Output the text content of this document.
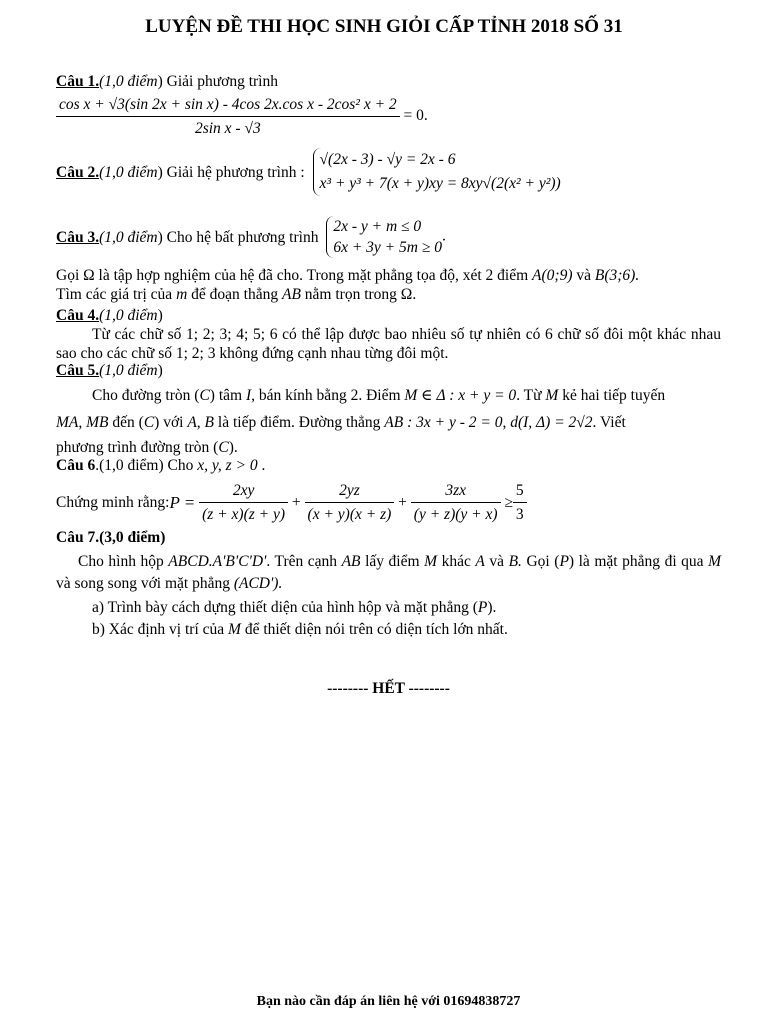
LUYỆN ĐỀ THI HỌC SINH GIỎI CẤP TỈNH 2018 SỐ 31
Câu 1.(1,0 điểm) Giải phương trình
$\frac{\text{cos x + √3(sin 2x + sin x) - 4cos 2x.cos x - 2cos² x + 2}}{\text{2sin x - √3}} = 0$.
Câu 2.(1,0 điểm) Giải hệ phương trình :
√(2x - 3) - √y = 2x - 6
x³ + y³ + 7(x + y)xy = 8xy√(2(x² + y²))
Câu 3.(1,0 điểm) Cho hệ bất phương trình
2x - y + m ≤ 0
6x + 3y + 5m ≥ 0
.
Gọi Ω là tập hợp nghiệm của hệ đã cho. Trong mặt phẳng tọa độ, xét 2 điểm A(0;9) và B(3;6).
Tìm các giá trị của m để đoạn thẳng AB nằm trọn trong Ω.
Câu 4.(1,0 điểm)
Từ các chữ số 1; 2; 3; 4; 5; 6 có thể lập được bao nhiêu số tự nhiên có 6 chữ số đôi một khác nhau sao cho các chữ số 1; 2; 3 không đứng cạnh nhau từng đôi một.
Câu 5.(1,0 điểm)
Cho đường tròn (C) tâm I, bán kính bằng 2. Điểm M ∈ Δ : x + y = 0. Từ M kẻ hai tiếp tuyến
MA, MB đến (C) với A, B là tiếp điểm. Đường thẳng AB : 3x + y - 2 = 0, d(I, Δ) = 2√2. Viết
phương trình đường tròn (C).
Câu 6.(1,0 điểm) Cho x, y, z > 0 .
Chứng minh rằng:P = $\frac{2xy}{(z + x)(z + y)} + \frac{2yz}{(x + y)(x + z)} + \frac{3zx}{(y + z)(y + x)} \ge \frac{5}{3}$
Câu 7.(3,0 điểm)
Cho hình hộp ABCD.A'B'C'D'. Trên cạnh AB lấy điểm M khác A và B. Gọi (P) là mặt phẳng đi qua M và song song với mặt phẳng (ACD').
a) Trình bày cách dựng thiết diện của hình hộp và mặt phẳng (P).
b) Xác định vị trí của M để thiết diện nói trên có diện tích lớn nhất.
-------- HẾT --------
Bạn nào cần đáp án liên hệ với 01694838727
